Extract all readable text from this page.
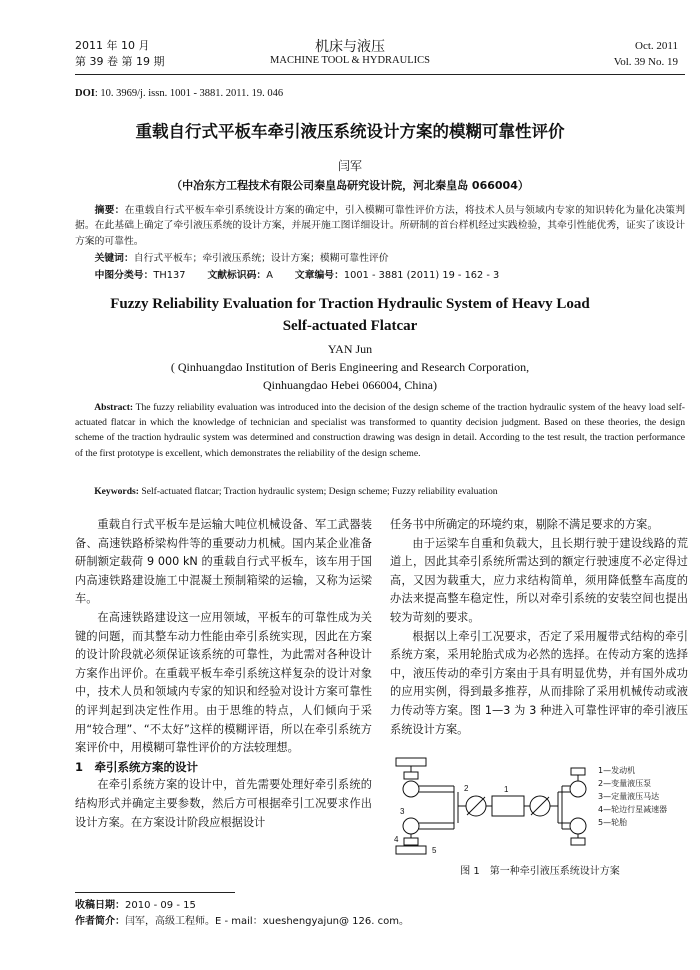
2011 年 10 月
第 39 卷 第 19 期
机床与液压
MACHINE TOOL & HYDRAULICS
Oct. 2011
Vol. 39 No. 19
DOI: 10. 3969/j. issn. 1001 - 3881. 2011. 19. 046
重载自行式平板车牵引液压系统设计方案的模糊可靠性评价
闫军
（中冶东方工程技术有限公司秦皇岛研究设计院，河北秦皇岛 066004）
摘要：在重载自行式平板车牵引系统设计方案的确定中，引入模糊可靠性评价方法，将技术人员与领域内专家的知识转化为量化决策判据。在此基础上确定了牵引液压系统的设计方案，并展开施工图详细设计。所研制的首台样机经过实践检验，其牵引性能优秀，证实了该设计方案的可靠性。
关键词：自行式平板车；牵引液压系统；设计方案；模糊可靠性评价
中图分类号：TH137 文献标识码：A 文章编号：1001 - 3881 (2011) 19 - 162 - 3
Fuzzy Reliability Evaluation for Traction Hydraulic System of Heavy Load
Self-actuated Flatcar
YAN Jun
( Qinhuangdao Institution of Beris Engineering and Research Corporation,
Qinhuangdao Hebei 066004, China)
Abstract: The fuzzy reliability evaluation was introduced into the decision of the design scheme of the traction hydraulic system of the heavy load self-actuated flatcar in which the knowledge of technician and specialist was transformed to quantity decision judgment. Based on these theories, the design scheme of the traction hydraulic system was determined and construction drawing was design in detail. According to the test result, the traction performance of the first prototype is excellent, which demonstrates the reliability of the design scheme.
Keywords: Self-actuated flatcar; Traction hydraulic system; Design scheme; Fuzzy reliability evaluation

重载自行式平板车是运输大吨位机械设备、军工武器装备、高速铁路桥梁构件等的重要动力机械。国内某企业准备研制额定载荷 9 000 kN 的重载自行式平板车，该车用于国内高速铁路建设施工中混凝土预制箱梁的运输，又称为运梁车。

在高速铁路建设这一应用领域，平板车的可靠性成为关键的问题，而其整车动力性能由牵引系统实现，因此在方案的设计阶段就必须保证该系统的可靠性，为此需对各种设计方案作出评价。在重载平板车牵引系统这样复杂的设计对象中，技术人员和领域内专家的知识和经验对设计方案可靠性的评判起到决定性作用。由于思维的特点，人们倾向于采用“较合理”、“不太好”这样的模糊评语，所以在牵引系统方案评价中，用模糊可靠性评价的方法较理想。

1　牵引系统方案的设计

在牵引系统方案的设计中，首先需要处理好牵引系统的结构形式并确定主要参数，然后方可根据牵引工况要求作出设计方案。在方案设计阶段应根据设计

任务书中所确定的环境约束，剔除不满足要求的方案。

由于运梁车自重和负载大，且长期行驶于建设线路的荒道上，因此其牵引系统所需达到的额定行驶速度不必定得过高，又因为载重大，应力求结构简单，须用降低整车高度的办法来提高整车稳定性，所以对牵引系统的安装空间也提出较为苛刻的要求。

根据以上牵引工况要求，否定了采用履带式结构的牵引系统方案，采用轮胎式成为必然的选择。在传动方案的选择中，液压传动的牵引方案由于具有明显优势，并有国外成功的应用实例，得到最多推荐，从而排除了采用机械传动或液力传动等方案。图 1—3 为 3 种进入可靠性评审的牵引液压系统设计方案。

1
2
3
4
5
1—发动机
2—变量液压泵
3—定量液压马达
4—轮边行星减速器
5—轮胎
图 1　第一种牵引液压系统设计方案
收稿日期：2010 - 09 - 15
作者简介：闫军，高级工程师。E - mail：xueshengyajun@ 126. com。
